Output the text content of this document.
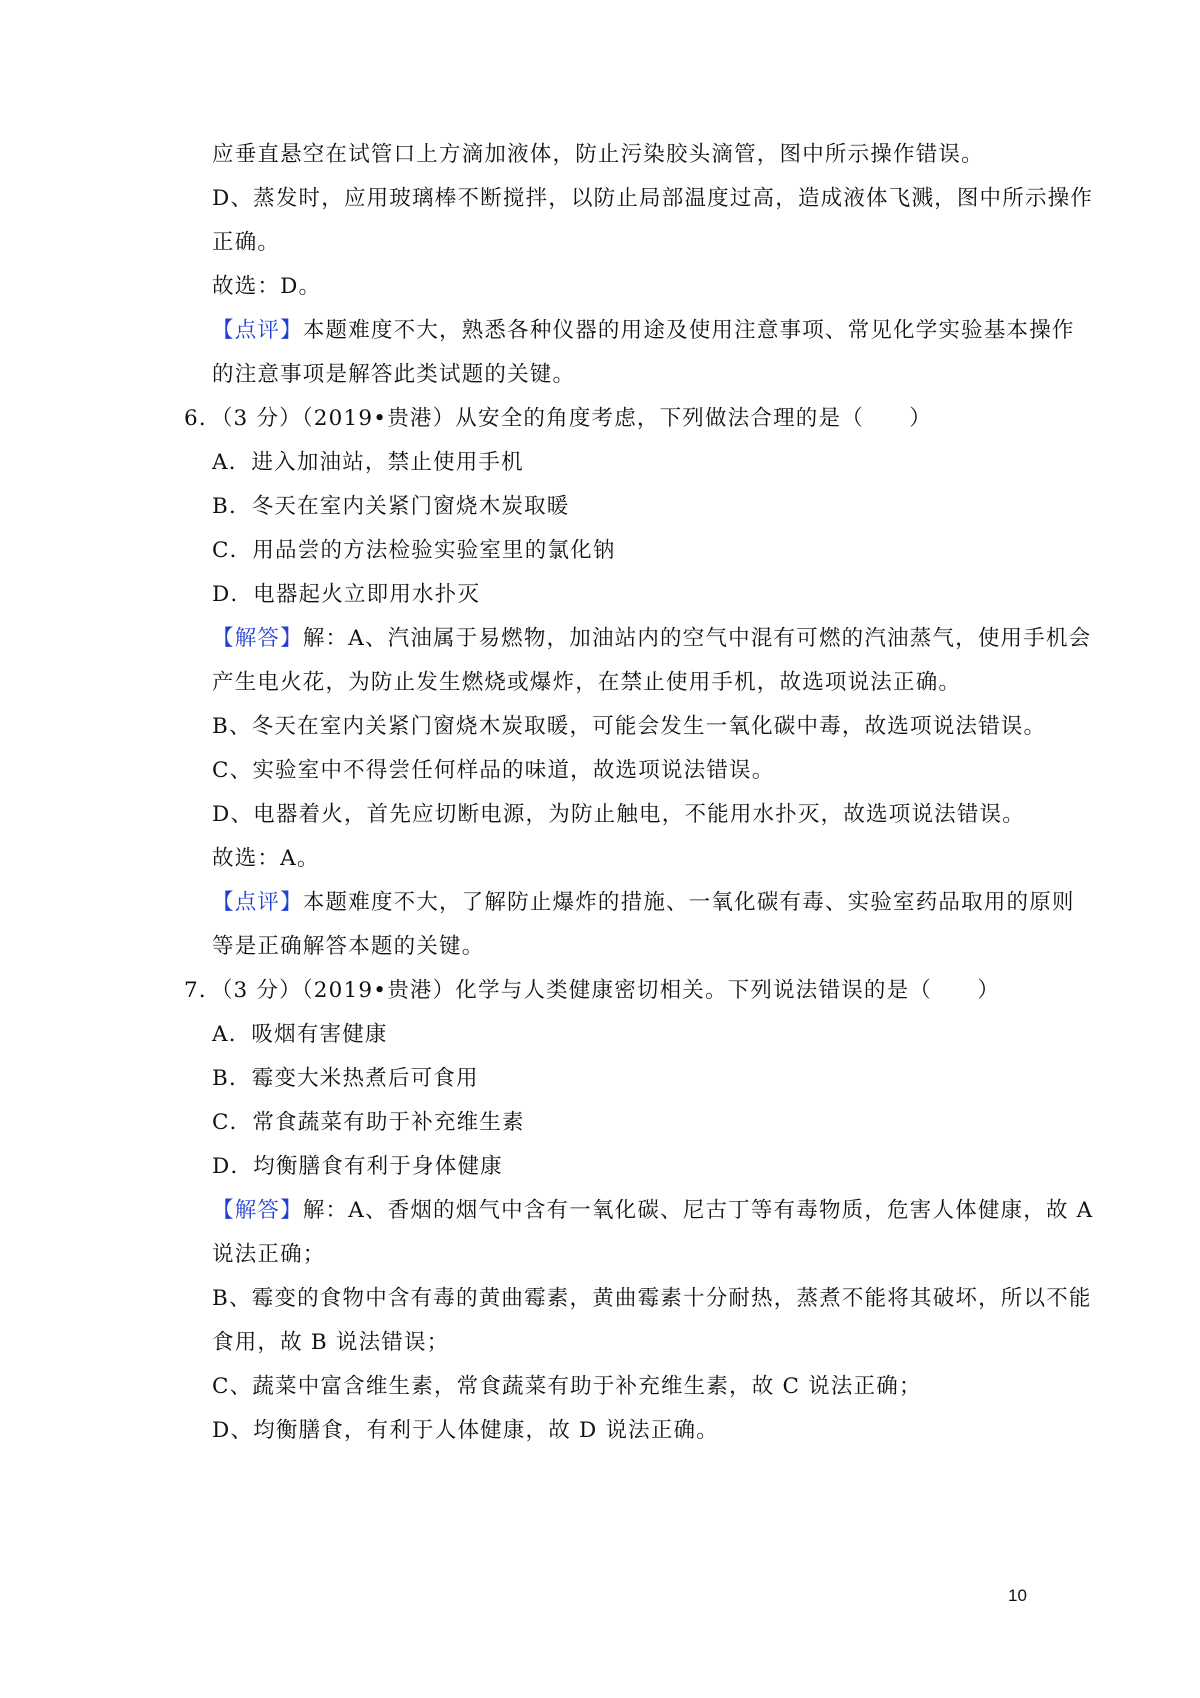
应垂直悬空在试管口上方滴加液体，防止污染胶头滴管，图中所示操作错误。

D、蒸发时，应用玻璃棒不断搅拌，以防止局部温度过高，造成液体飞溅，图中所示操作

正确。

故选：D。

【点评】本题难度不大，熟悉各种仪器的用途及使用注意事项、常见化学实验基本操作

的注意事项是解答此类试题的关键。

6．（3 分）（2019•贵港）从安全的角度考虑，下列做法合理的是（　　）

A．进入加油站，禁止使用手机

B．冬天在室内关紧门窗烧木炭取暖

C．用品尝的方法检验实验室里的氯化钠

D．电器起火立即用水扑灭

【解答】解：A、汽油属于易燃物，加油站内的空气中混有可燃的汽油蒸气，使用手机会

产生电火花，为防止发生燃烧或爆炸，在禁止使用手机，故选项说法正确。

B、冬天在室内关紧门窗烧木炭取暖，可能会发生一氧化碳中毒，故选项说法错误。

C、实验室中不得尝任何样品的味道，故选项说法错误。

D、电器着火，首先应切断电源，为防止触电，不能用水扑灭，故选项说法错误。

故选：A。

【点评】本题难度不大，了解防止爆炸的措施、一氧化碳有毒、实验室药品取用的原则

等是正确解答本题的关键。

7．（3 分）（2019•贵港）化学与人类健康密切相关。下列说法错误的是（　　）

A．吸烟有害健康

B．霉变大米热煮后可食用

C．常食蔬菜有助于补充维生素

D．均衡膳食有利于身体健康

【解答】解：A、香烟的烟气中含有一氧化碳、尼古丁等有毒物质，危害人体健康，故 A

说法正确；

B、霉变的食物中含有毒的黄曲霉素，黄曲霉素十分耐热，蒸煮不能将其破坏，所以不能

食用，故 B 说法错误；

C、蔬菜中富含维生素，常食蔬菜有助于补充维生素，故 C 说法正确；

D、均衡膳食，有利于人体健康，故 D 说法正确。

10
